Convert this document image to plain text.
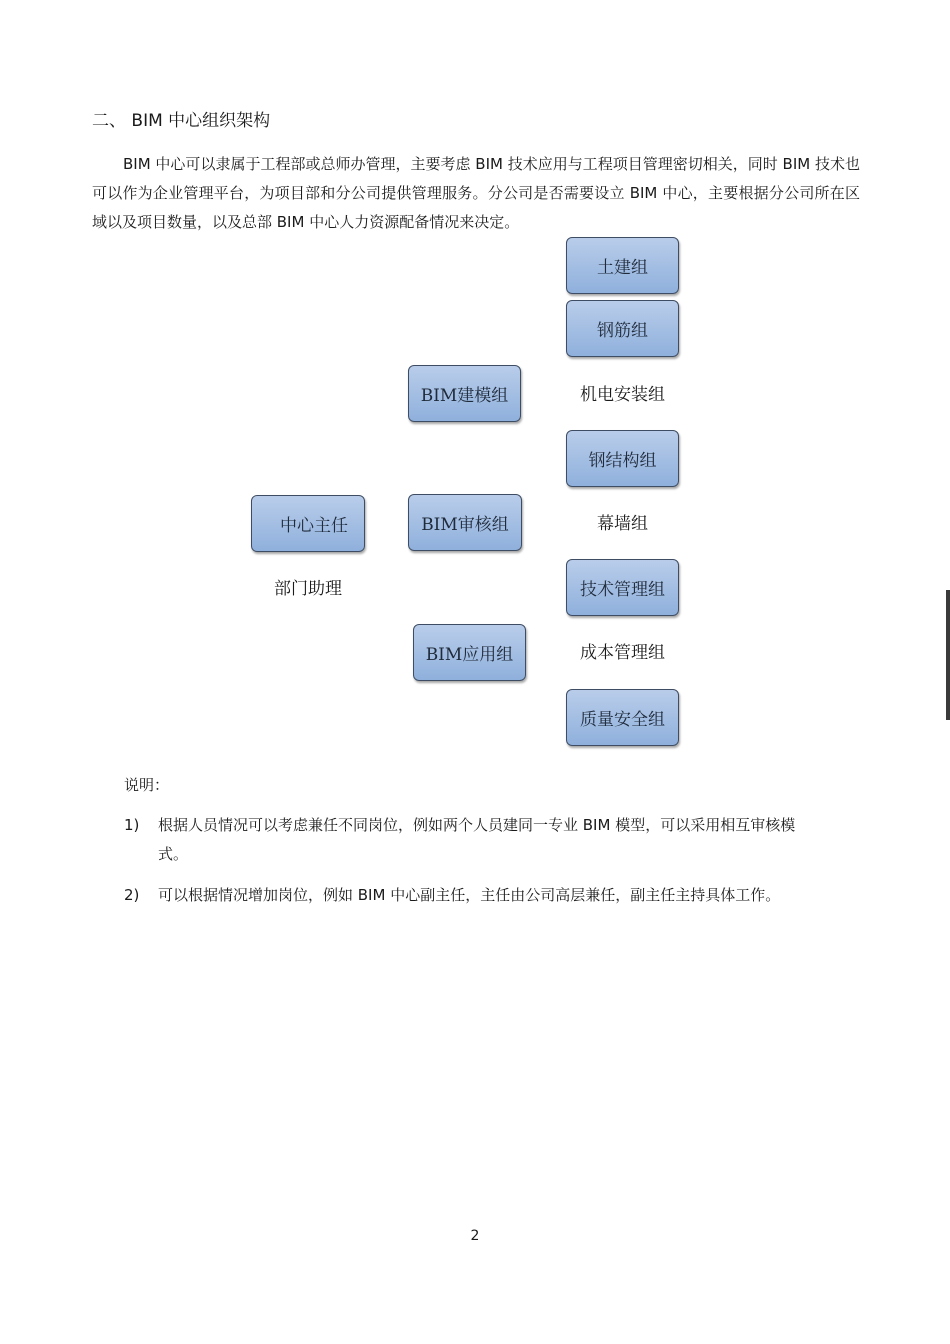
二、 BIM 中心组织架构

BIM 中心可以隶属于工程部或总师办管理，主要考虑 BIM 技术应用与工程项目管理密切相关，同时 BIM 技术也可以作为企业管理平台，为项目部和分公司提供管理服务。分公司是否需要设立 BIM 中心，主要根据分公司所在区域以及项目数量，以及总部 BIM 中心人力资源配备情况来决定。

土建组
钢筋组
BIM建模组	机电安装组
钢结构组
中心主任	BIM审核组	幕墙组
部门助理	技术管理组
BIM应用组	成本管理组
质量安全组
说明：
1)	根据人员情况可以考虑兼任不同岗位，例如两个人员建同一专业 BIM 模型，可以采用相互审核模
式。
2)	可以根据情况增加岗位，例如 BIM 中心副主任，主任由公司高层兼任，副主任主持具体工作。
2
